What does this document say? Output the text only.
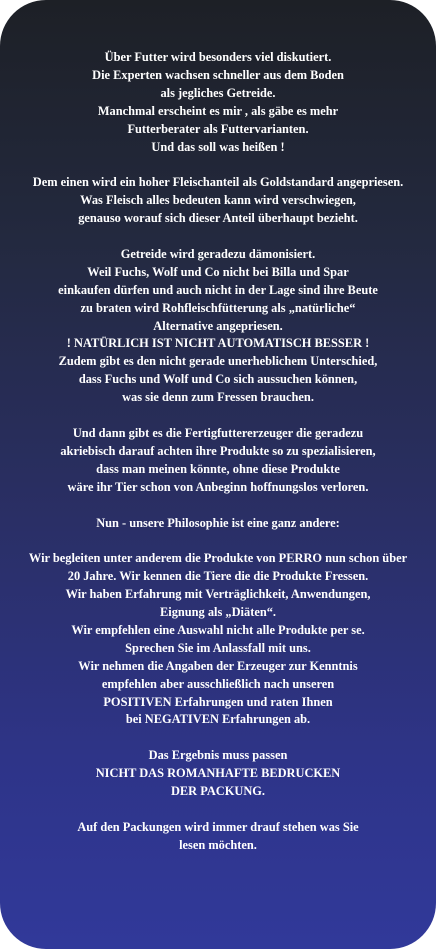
Über Futter wird besonders viel diskutiert.
Die Experten wachsen schneller aus dem Boden
als jegliches Getreide.
Manchmal erscheint es mir , als gäbe es mehr
Futterberater als Futtervarianten.
Und das soll was heißen !

Dem einen wird ein hoher Fleischanteil als Goldstandard angepriesen.
Was Fleisch alles bedeuten kann wird verschwiegen,
genauso worauf sich dieser Anteil überhaupt bezieht.

Getreide wird geradezu dämonisiert.
Weil Fuchs, Wolf und Co nicht bei Billa und Spar
einkaufen dürfen und auch nicht in der Lage sind ihre Beute
zu braten wird Rohfleischfütterung als „natürliche“
Alternative angepriesen.
! NATÜRLICH IST NICHT AUTOMATISCH BESSER !
Zudem gibt es den nicht gerade unerheblichem Unterschied,
dass Fuchs und Wolf und Co sich aussuchen können,
was sie denn zum Fressen brauchen.

Und dann gibt es die Fertigfuttererzeuger die geradezu
akriebisch darauf achten ihre Produkte so zu spezialisieren,
dass man meinen könnte, ohne diese Produkte
wäre ihr Tier schon von Anbeginn hoffnungslos verloren.

Nun - unsere Philosophie ist eine ganz andere:

Wir begleiten unter anderem die Produkte von PERRO nun schon über
20 Jahre. Wir kennen die Tiere die die Produkte Fressen.
Wir haben Erfahrung mit Verträglichkeit, Anwendungen,
Eignung als „Diäten“.
Wir empfehlen eine Auswahl nicht alle Produkte per se.
Sprechen Sie im Anlassfall mit uns.
Wir nehmen die Angaben der Erzeuger zur Kenntnis
empfehlen aber ausschließlich nach unseren
POSITIVEN Erfahrungen und raten Ihnen
bei NEGATIVEN Erfahrungen ab.

Das Ergebnis muss passen
NICHT DAS ROMANHAFTE BEDRUCKEN
DER PACKUNG.

Auf den Packungen wird immer drauf stehen was Sie
lesen möchten.
